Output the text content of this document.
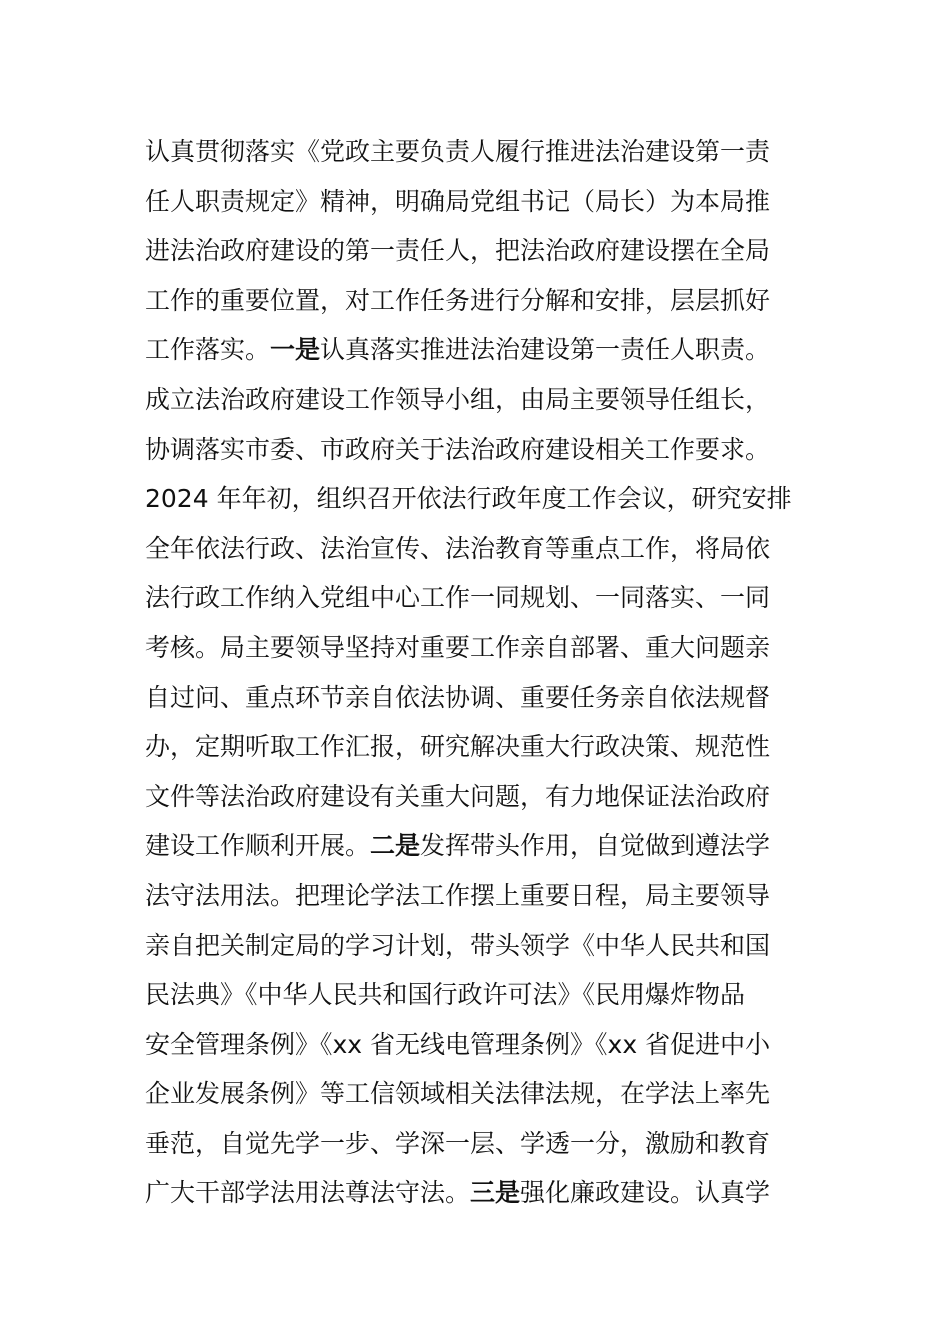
认真贯彻落实《党政主要负责人履行推进法治建设第一责
任人职责规定》精神，明确局党组书记（局长）为本局推
进法治政府建设的第一责任人，把法治政府建设摆在全局
工作的重要位置，对工作任务进行分解和安排，层层抓好
工作落实。一是认真落实推进法治建设第一责任人职责。
成立法治政府建设工作领导小组，由局主要领导任组长，
协调落实市委、市政府关于法治政府建设相关工作要求。
2024 年年初，组织召开依法行政年度工作会议，研究安排
全年依法行政、法治宣传、法治教育等重点工作，将局依
法行政工作纳入党组中心工作一同规划、一同落实、一同
考核。局主要领导坚持对重要工作亲自部署、重大问题亲
自过问、重点环节亲自依法协调、重要任务亲自依法规督
办，定期听取工作汇报，研究解决重大行政决策、规范性
文件等法治政府建设有关重大问题，有力地保证法治政府
建设工作顺利开展。二是发挥带头作用，自觉做到遵法学
法守法用法。把理论学法工作摆上重要日程，局主要领导
亲自把关制定局的学习计划，带头领学《中华人民共和国
民法典》《中华人民共和国行政许可法》《民用爆炸物品
安全管理条例》《xx 省无线电管理条例》《xx 省促进中小
企业发展条例》等工信领域相关法律法规，在学法上率先
垂范，自觉先学一步、学深一层、学透一分，激励和教育
广大干部学法用法尊法守法。三是强化廉政建设。认真学
